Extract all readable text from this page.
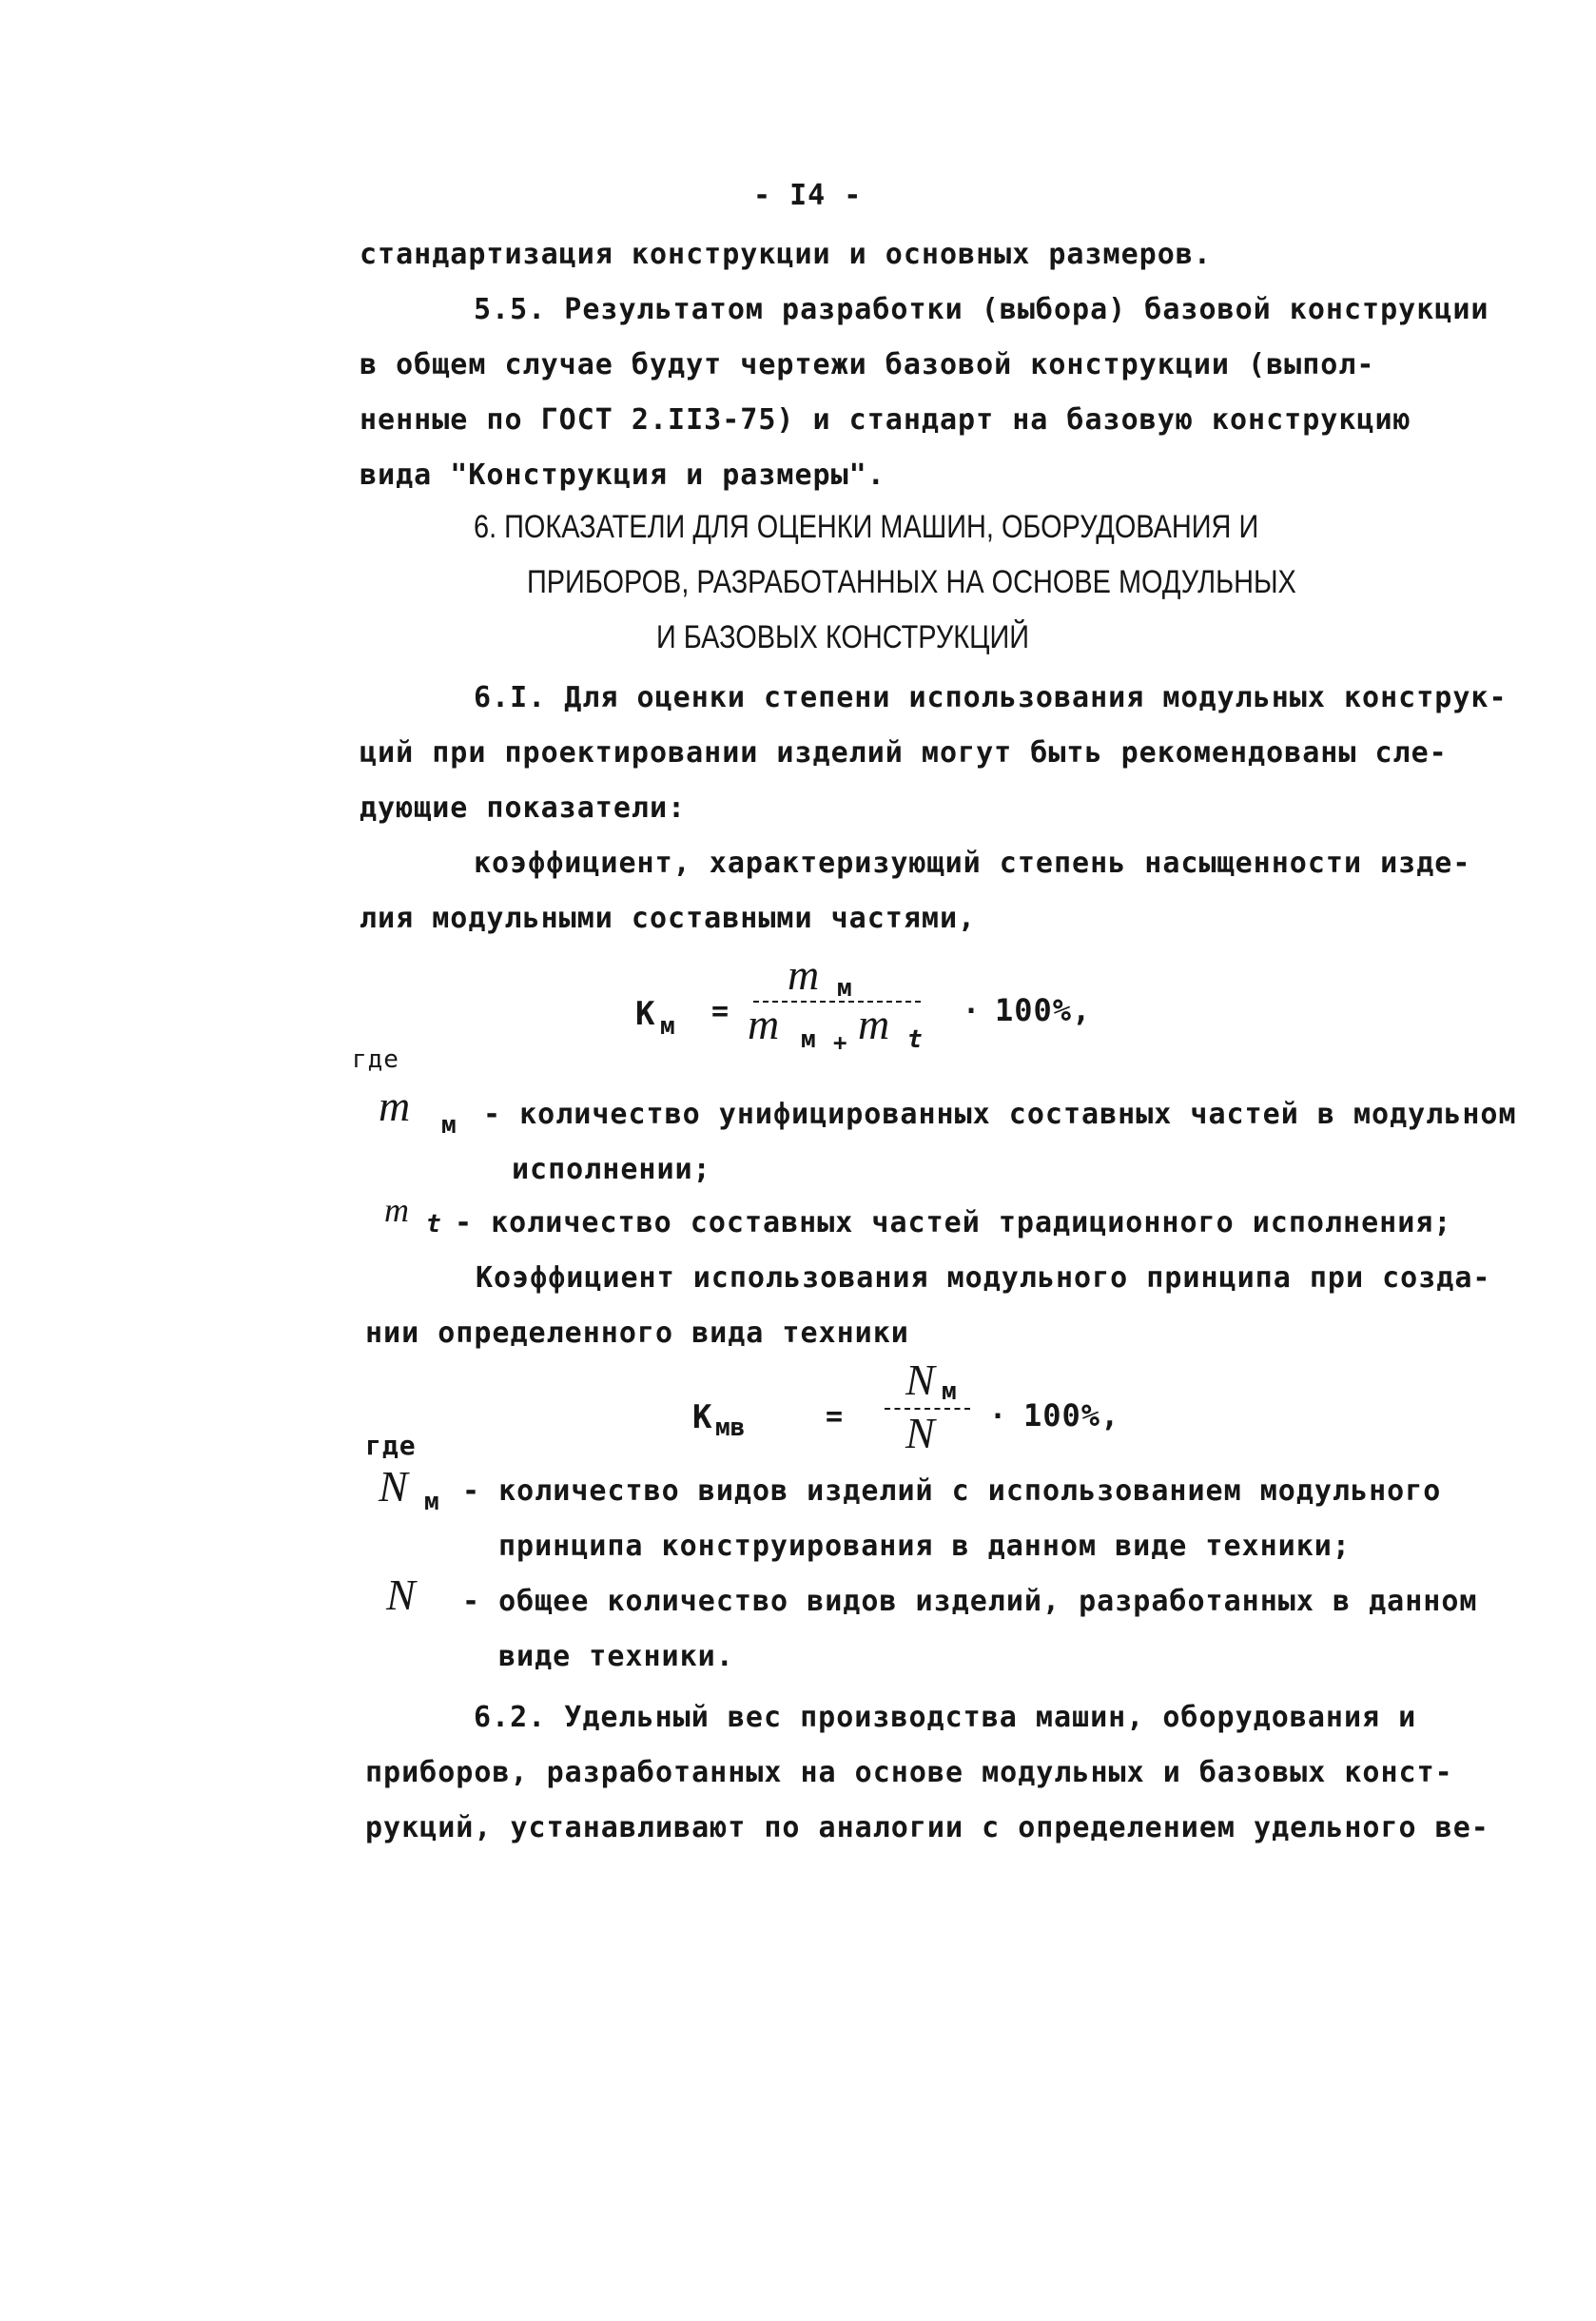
- I4 -
стандартизация конструкции и основных размеров.
5.5. Результатом разработки (выбора) базовой конструкции
в общем случае будут чертежи базовой конструкции (выпол-
ненные по ГОСТ 2.II3-75) и стандарт на базовую конструкцию
вида "Конструкция и размеры".
6. ПОКАЗАТЕЛИ ДЛЯ ОЦЕНКИ МАШИН, ОБОРУДОВАНИЯ И
ПРИБОРОВ, РАЗРАБОТАННЫХ НА ОСНОВЕ МОДУЛЬНЫХ
И БАЗОВЫХ КОНСТРУКЦИЙ
6.I. Для оценки степени использования модульных конструк-
ций при проектировании изделий могут быть рекомендованы сле-
дующие показатели:
коэффициент, характеризующий степень насыщенности изде-
лия модульными составными частями,
m м
К м = m м + m t
· 100%,
где
m м - количество унифицированных составных частей в модульном
исполнении;
m t - количество составных частей традиционного исполнения;
Коэффициент использования модульного принципа при созда-
нии определенного вида техники
N м
К мв	= N · 100%,
где
N м - количество видов изделий с использованием модульного
принципа конструирования в данном виде техники;
N - общее количество видов изделий, разработанных в данном
виде техники.
6.2. Удельный вес производства машин, оборудования и
приборов, разработанных на основе модульных и базовых конст-
рукций, устанавливают по аналогии с определением удельного ве-
